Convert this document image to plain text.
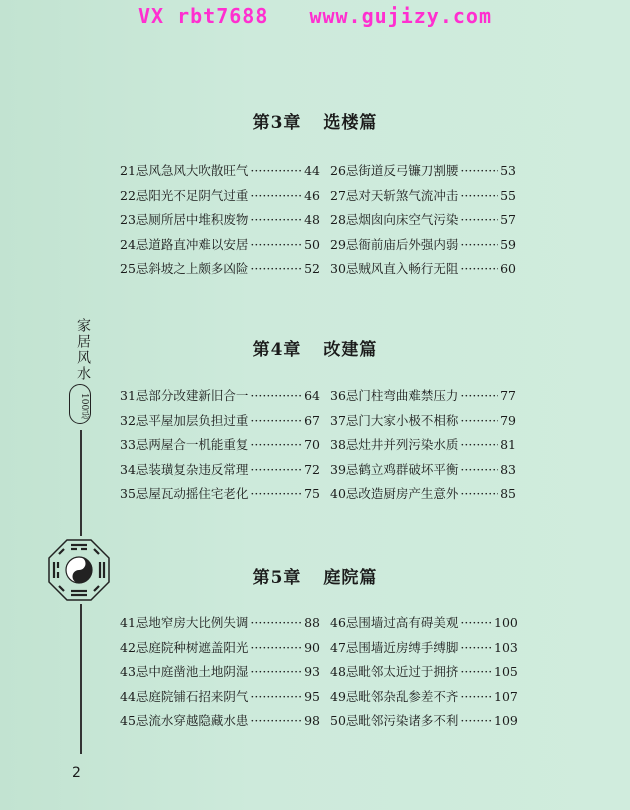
VX rbt7688 www.gujizy.com
第3章 选楼篇
21 忌风急风大吹散旺气 ·····	44
22 忌阳光不足阴气过重 ·····	46
23 忌厕所居中堆积废物 ·····	48
24 忌道路直冲难以安居 ·····	50
25 忌斜坡之上颇多凶险 ·····	52
26 忌街道反弓镰刀割腰 ·····	53
27 忌对天斩煞气流冲击 ·····	55
28 忌烟囱向床空气污染 ·····	57
29 忌衙前庙后外强内弱 ·····	59
30 忌贼风直入畅行无阻 ·····	60
第4章 改建篇
31 忌部分改建新旧合一 ·····	64
32 忌平屋加层负担过重 ·····	67
33 忌两屋合一机能重复 ·····	70
34 忌装璜复杂违反常理 ·····	72
35 忌屋瓦动摇住宅老化 ·····	75
36 忌门柱弯曲难禁压力 ·····	77
37 忌门大家小极不相称 ·····	79
38 忌灶井并列污染水质 ·····	81
39 忌鹤立鸡群破坏平衡 ·····	83
40 忌改造厨房产生意外 ·····	85
第5章 庭院篇
41 忌地窄房大比例失调 ·····	88
42 忌庭院种树遮盖阳光 ·····	90
43 忌中庭凿池土地阴湿 ·····	93
44 忌庭院铺石招来阴气 ·····	95
45 忌流水穿越隐藏水患 ·····	98
46 忌围墙过高有碍美观 ·····	100
47 忌围墙近房缚手缚脚 ·····	103
48 忌毗邻太近过于拥挤 ·····	105
49 忌毗邻杂乱参差不齐 ·····	107
50 忌毗邻污染诸多不利 ·····	109
家居风水
100忌
2
